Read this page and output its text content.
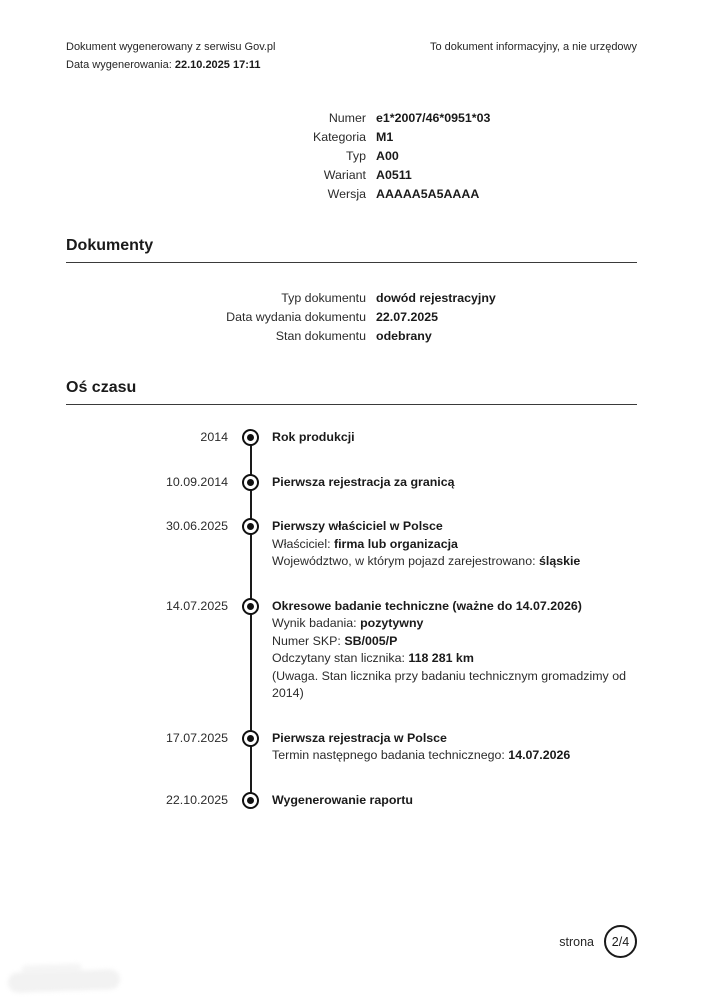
Dokument wygenerowany z serwisu Gov.pl
Data wygenerowania: 22.10.2025 17:11
To dokument informacyjny, a nie urzędowy
Numer e1*2007/46*0951*03
Kategoria M1
Typ A00
Wariant A0511
Wersja AAAAA5A5AAAA
Dokumenty
Typ dokumentu dowód rejestracyjny
Data wydania dokumentu 22.07.2025
Stan dokumentu odebrany
Oś czasu
2014	Rok produkcji
10.09.2014	Pierwsza rejestracja za granicą
30.06.2025	Pierwszy właściciel w Polsce
Właściciel: firma lub organizacja
Województwo, w którym pojazd zarejestrowano: śląskie
14.07.2025	Okresowe badanie techniczne (ważne do 14.07.2026)
Wynik badania: pozytywny
Numer SKP: SB/005/P
Odczytany stan licznika: 118 281 km
(Uwaga. Stan licznika przy badaniu technicznym gromadzimy od 2014)
17.07.2025	Pierwsza rejestracja w Polsce
Termin następnego badania technicznego: 14.07.2026
22.10.2025	Wygenerowanie raportu
strona	2/4
